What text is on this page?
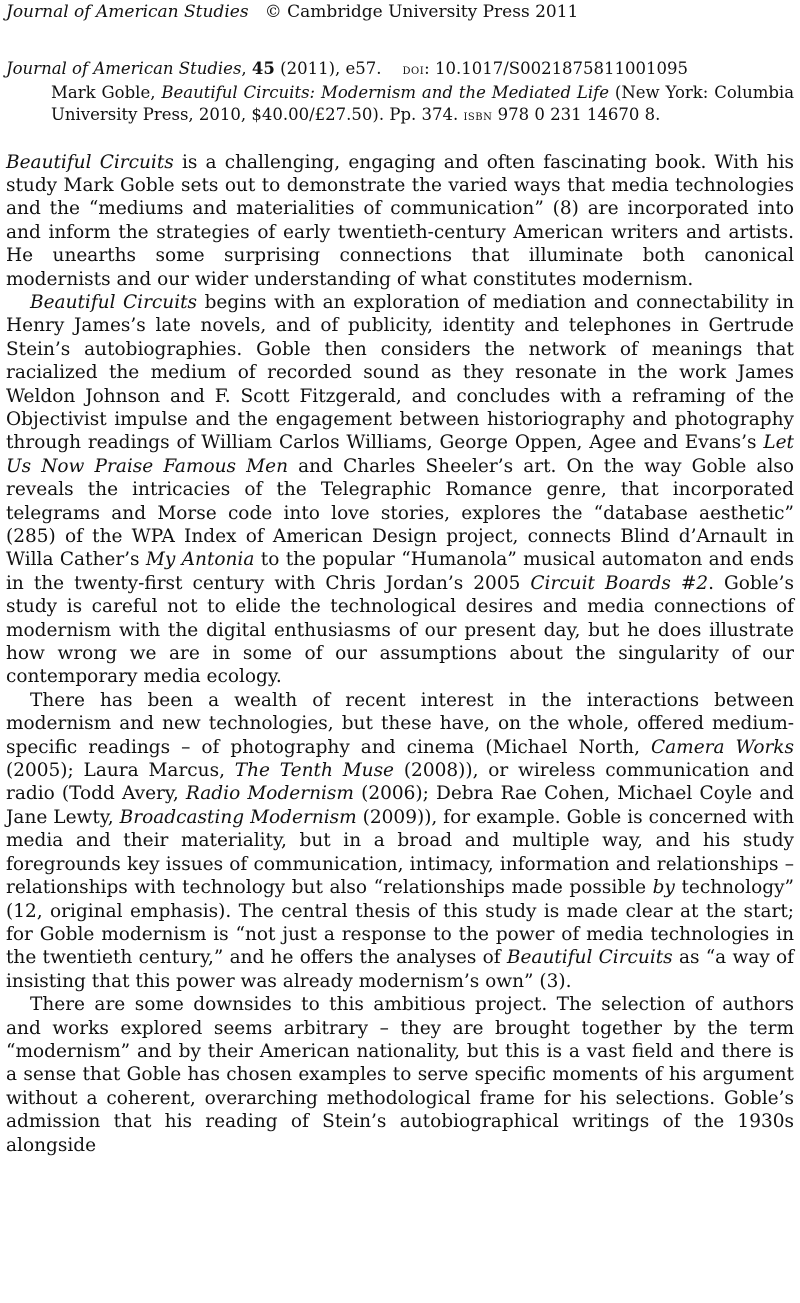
Journal of American Studies © Cambridge University Press 2011
Journal of American Studies, 45 (2011), e57. doi: 10.1017/S0021875811001095
Mark Goble, Beautiful Circuits: Modernism and the Mediated Life (New York: Columbia University Press, 2010, $40.00/£27.50). Pp. 374. isbn 978 0 231 14670 8.

Beautiful Circuits is a challenging, engaging and often fascinating book. With his study Mark Goble sets out to demonstrate the varied ways that media technologies and the “mediums and materialities of communication” (8) are incorporated into and inform the strategies of early twentieth-century American writers and artists. He unearths some surprising connections that illuminate both canonical modernists and our wider understanding of what constitutes modernism.

Beautiful Circuits begins with an exploration of mediation and connectability in Henry James’s late novels, and of publicity, identity and telephones in Gertrude Stein’s autobiographies. Goble then considers the network of meanings that racialized the medium of recorded sound as they resonate in the work James Weldon Johnson and F. Scott Fitzgerald, and concludes with a reframing of the Objectivist impulse and the engagement between historiography and photography through readings of William Carlos Williams, George Oppen, Agee and Evans’s Let Us Now Praise Famous Men and Charles Sheeler’s art. On the way Goble also reveals the intricacies of the Telegraphic Romance genre, that incorporated telegrams and Morse code into love stories, explores the “database aesthetic” (285) of the WPA Index of American Design project, connects Blind d’Arnault in Willa Cather’s My Antonia to the popular “Humanola” musical automaton and ends in the twenty-first century with Chris Jordan’s 2005 Circuit Boards #2. Goble’s study is careful not to elide the technological desires and media connections of modernism with the digital enthusiasms of our present day, but he does illustrate how wrong we are in some of our assumptions about the singularity of our contemporary media ecology.

There has been a wealth of recent interest in the interactions between modernism and new technologies, but these have, on the whole, offered medium-specific readings – of photography and cinema (Michael North, Camera Works (2005); Laura Marcus, The Tenth Muse (2008)), or wireless communication and radio (Todd Avery, Radio Modernism (2006); Debra Rae Cohen, Michael Coyle and Jane Lewty, Broadcasting Modernism (2009)), for example. Goble is concerned with media and their materiality, but in a broad and multiple way, and his study foregrounds key issues of communication, intimacy, information and relationships – relationships with technology but also “relationships made possible by technology” (12, original emphasis). The central thesis of this study is made clear at the start; for Goble modernism is “not just a response to the power of media technologies in the twentieth century,” and he offers the analyses of Beautiful Circuits as “a way of insisting that this power was already modernism’s own” (3).

There are some downsides to this ambitious project. The selection of authors and works explored seems arbitrary – they are brought together by the term “modernism” and by their American nationality, but this is a vast field and there is a sense that Goble has chosen examples to serve specific moments of his argument without a coherent, overarching methodological frame for his selections. Goble’s admission that his reading of Stein’s autobiographical writings of the 1930s alongside
